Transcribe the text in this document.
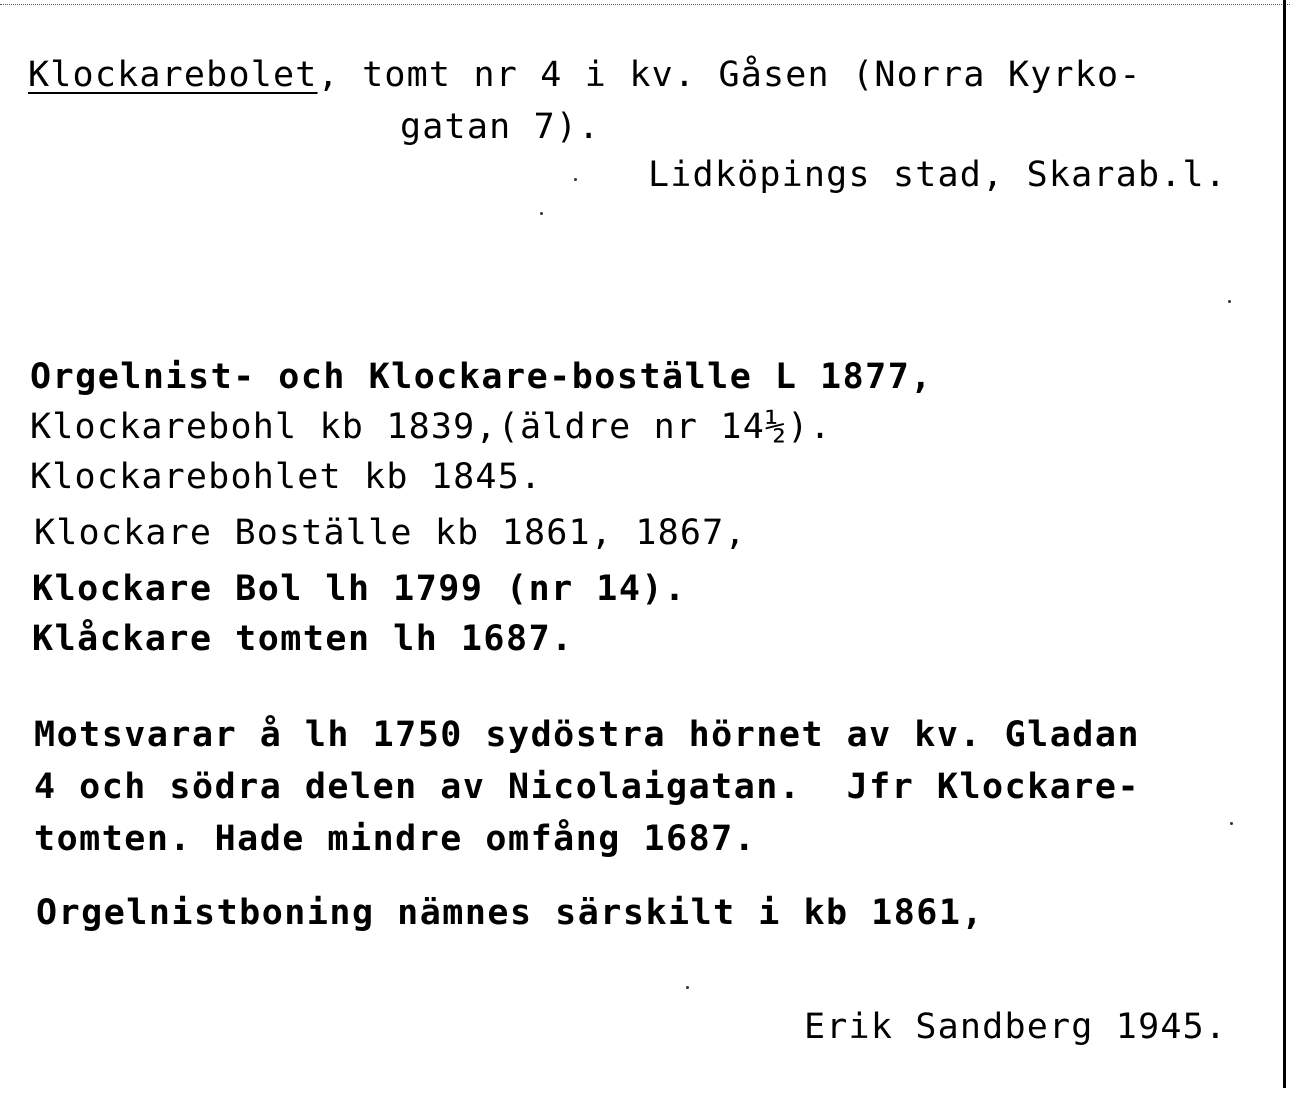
Klockarebolet, tomt nr 4 i kv. Gåsen (Norra Kyrko-
gatan 7).
Lidköpings stad, Skarab.l.
Orgelnist- och Klockare-boställe L 1877,
Klockarebohl kb 1839,(äldre nr 14½).
Klockarebohlet kb 1845.
Klockare Boställe kb 1861, 1867,
Klockare Bol lh 1799 (nr 14).
Klåckare tomten lh 1687.
Motsvarar å lh 1750 sydöstra hörnet av kv. Gladan
4 och södra delen av Nicolaigatan.  Jfr Klockare-
tomten. Hade mindre omfång 1687.
Orgelnistboning nämnes särskilt i kb 1861,
Erik Sandberg 1945.
